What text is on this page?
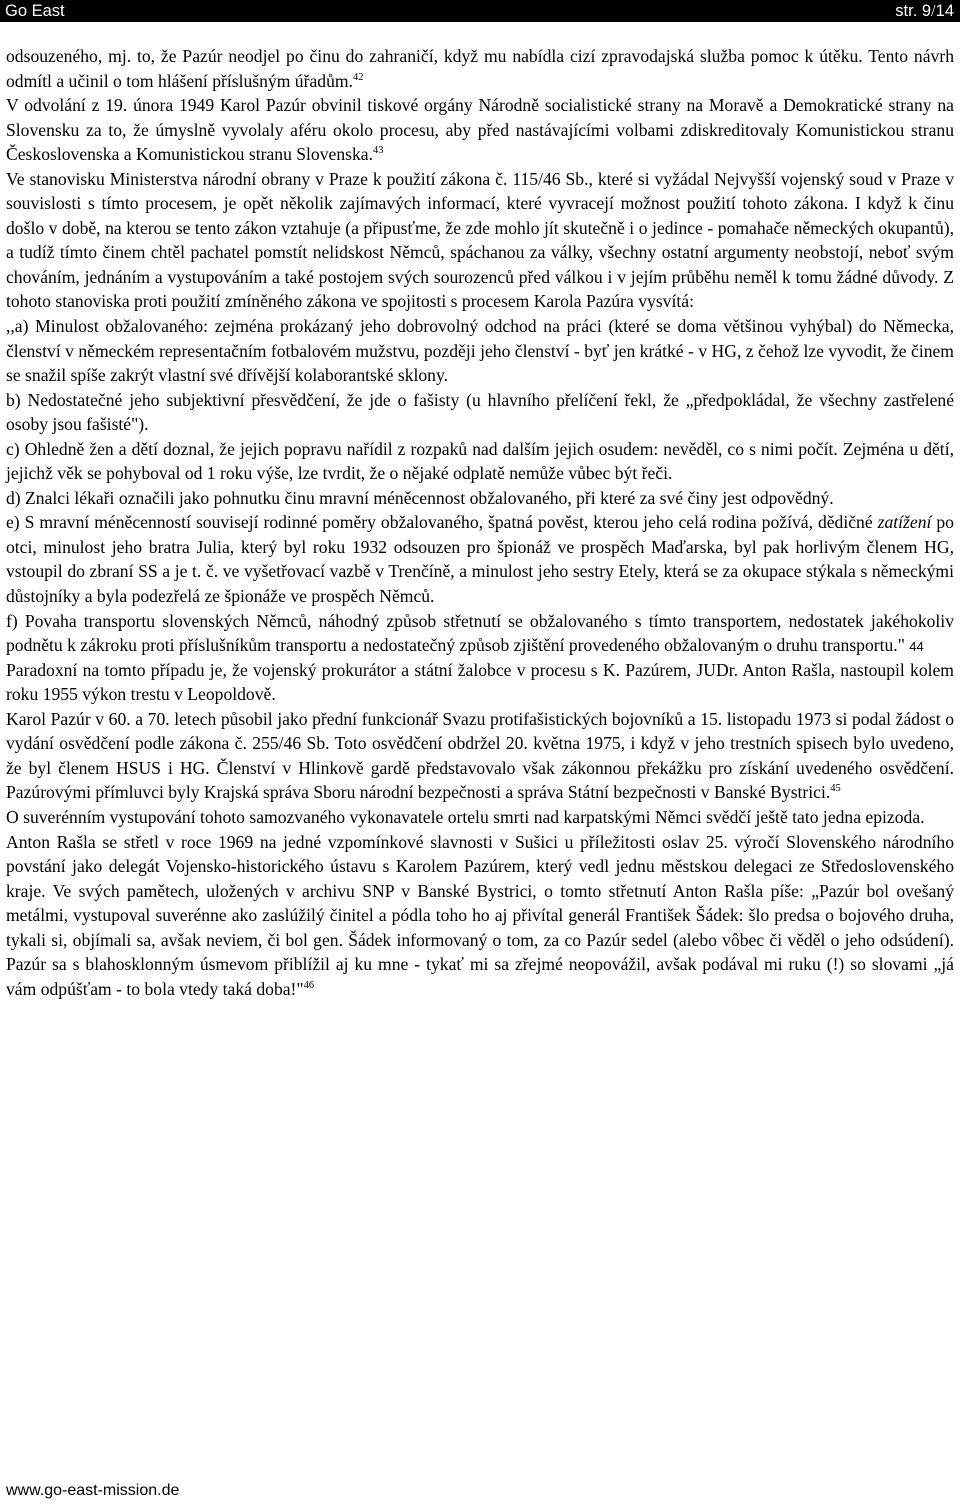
Go East	str. 9/14

odsouzeného, mj. to, že Pazúr neodjel po činu do zahraničí, když mu nabídla cizí zpravodajská služba pomoc k útěku. Tento návrh odmítl a učinil o tom hlášení příslušným úřadům.$^{42}$

V odvolání z 19. února 1949 Karol Pazúr obvinil tiskové orgány Národně socialistické strany na Moravě a Demokratické strany na Slovensku za to, že úmyslně vyvolaly aféru okolo procesu, aby před nastávajícími volbami zdiskreditovaly Komunistickou stranu Československa a Komunistickou stranu Slovenska.$^{43}$

Ve stanovisku Ministerstva národní obrany v Praze k použití zákona č. 115/46 Sb., které si vyžádal Nejvyšší vojenský soud v Praze v souvislosti s tímto procesem, je opět několik zajímavých informací, které vyvracejí možnost použití tohoto zákona. I když k činu došlo v době, na kterou se tento zákon vztahuje (a připusťme, že zde mohlo jít skutečně i o jedince - pomahače německých okupantů), a tudíž tímto činem chtěl pachatel pomstít nelidskost Němců, spáchanou za války, všechny ostatní argumenty neobstojí, neboť svým chováním, jednáním a vystupováním a také postojem svých sourozenců před válkou i v jejím průběhu neměl k tomu žádné důvody. Z tohoto stanoviska proti použití zmíněného zákona ve spojitosti s procesem Karola Pazúra vysvítá:

,,a) Minulost obžalovaného: zejména prokázaný jeho dobrovolný odchod na práci (které se doma většinou vyhýbal) do Německa, členství v německém representačním fotbalovém mužstvu, později jeho členství - byť jen krátké - v HG, z čehož lze vyvodit, že činem se snažil spíše zakrýt vlastní své dřívější kolaborantské sklony.

b) Nedostatečné jeho subjektivní přesvědčení, že jde o fašisty (u hlavního přelíčení řekl, že „předpokládal, že všechny zastřelené osoby jsou fašisté").

c) Ohledně žen a dětí doznal, že jejich popravu nařídil z rozpaků nad dalším jejich osudem: nevěděl, co s nimi počít. Zejména u dětí, jejichž věk se pohyboval od 1 roku výše, lze tvrdit, že o nějaké odplatě nemůže vůbec být řeči.

d) Znalci lékaři označili jako pohnutku činu mravní méněcennost obžalovaného, při které za své činy jest odpovědný.

e) S mravní méněcenností souvisejí rodinné poměry obžalovaného, špatná pověst, kterou jeho celá rodina požívá, dědičné zatížení po otci, minulost jeho bratra Julia, který byl roku 1932 odsouzen pro špionáž ve prospěch Maďarska, byl pak horlivým členem HG, vstoupil do zbraní SS a je t. č. ve vyšetřovací vazbě v Trenčíně, a minulost jeho sestry Etely, která se za okupace stýkala s německými důstojníky a byla podezřelá ze špionáže ve prospěch Němců.

f) Povaha transportu slovenských Němců, náhodný způsob střetnutí se obžalovaného s tímto transportem, nedostatek jakéhokoliv podnětu k zákroku proti příslušníkům transportu a nedostatečný způsob zjištění provedeného obžalovaným o druhu transportu." 44

Paradoxní na tomto případu je, že vojenský prokurátor a státní žalobce v procesu s K. Pazúrem, JUDr. Anton Rašla, nastoupil kolem roku 1955 výkon trestu v Leopoldově.

Karol Pazúr v 60. a 70. letech působil jako přední funkcionář Svazu protifašistických bojovníků a 15. listopadu 1973 si podal žádost o vydání osvědčení podle zákona č. 255/46 Sb. Toto osvědčení obdržel 20. května 1975, i když v jeho trestních spisech bylo uvedeno, že byl členem HSUS i HG. Členství v Hlinkově gardě představovalo však zákonnou překážku pro získání uvedeného osvědčení. Pazúrovými přímluvci byly Krajská správa Sboru národní bezpečnosti a správa Státní bezpečnosti v Banské Bystrici.$^{45}$

O suverénním vystupování tohoto samozvaného vykonavatele ortelu smrti nad karpatskými Němci svědčí ještě tato jedna epizoda.

Anton Rašla se střetl v roce 1969 na jedné vzpomínkové slavnosti v Sušici u příležitosti oslav 25. výročí Slovenského národního povstání jako delegát Vojensko-historického ústavu s Karolem Pazúrem, který vedl jednu městskou delegaci ze Středoslovenského kraje. Ve svých pamětech, uložených v archivu SNP v Banské Bystrici, o tomto střetnutí Anton Rašla píše: „Pazúr bol ovešaný metálmi, vystupoval suverénne ako zaslúžilý činitel a pódla toho ho aj přivítal generál František Šádek: šlo predsa o bojového druha, tykali si, objímali sa, avšak neviem, či bol gen. Šádek informovaný o tom, za co Pazúr sedel (alebo vôbec či věděl o jeho odsúdení). Pazúr sa s blahosklonným úsmevom přiblížil aj ku mne - tykať mi sa zřejmé neopovážil, avšak podával mi ruku (!) so slovami „já vám odpúšťam - to bola vtedy taká doba!"$^{46}$

www.go-east-mission.de
